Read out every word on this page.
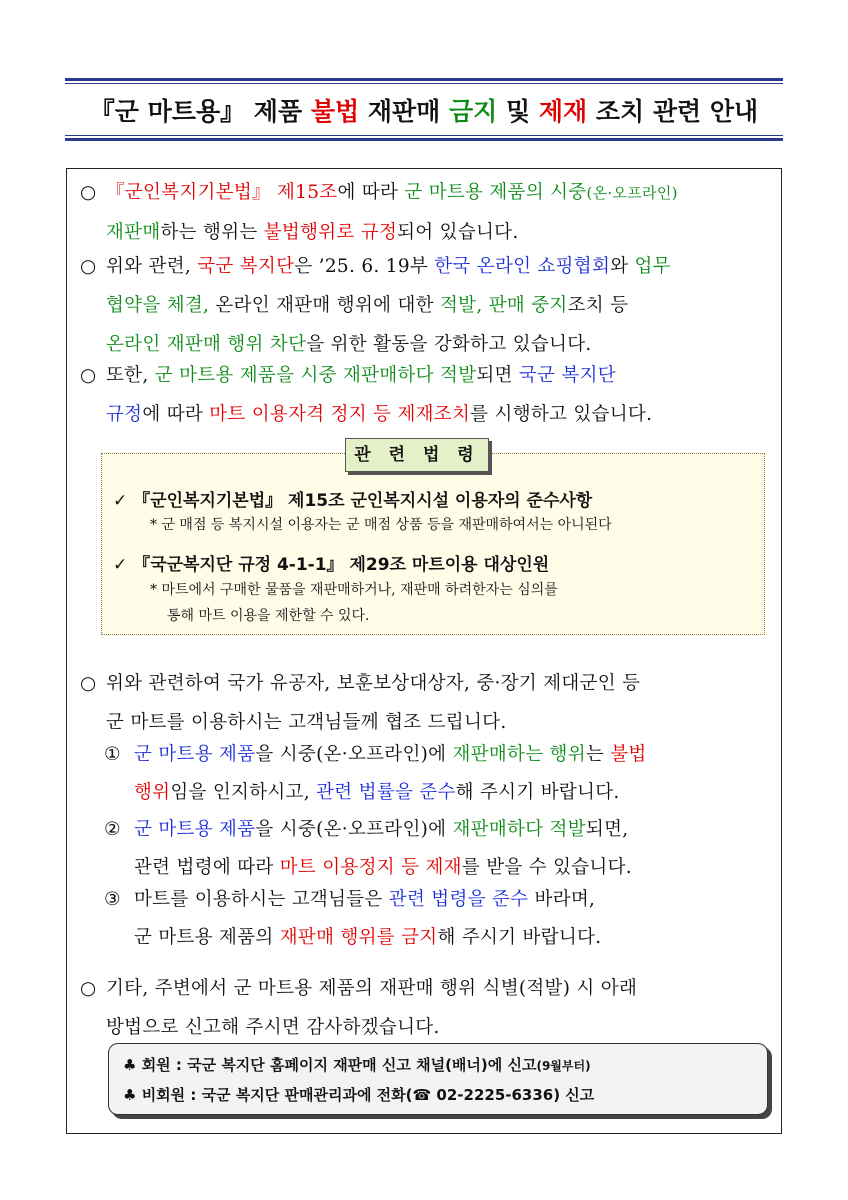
『군 마트용』 제품 불법 재판매 금지 및 제재 조치 관련 안내
○ 『군인복지기본법』 제15조에 따라 군 마트용 제품의 시중(온·오프라인)
재판매하는 행위는 불법행위로 규정되어 있습니다.
○ 위와 관련, 국군 복지단은 ’25. 6. 19부 한국 온라인 쇼핑협회와 업무
협약을 체결, 온라인 재판매 행위에 대한 적발, 판매 중지조치 등
온라인 재판매 행위 차단을 위한 활동을 강화하고 있습니다.
○ 또한, 군 마트용 제품을 시중 재판매하다 적발되면 국군 복지단
규정에 따라 마트 이용자격 정지 등 제재조치를 시행하고 있습니다.
관 련 법 령
✓ 『군인복지기본법』 제15조 군인복지시설 이용자의 준수사항
* 군 매점 등 복지시설 이용자는 군 매점 상품 등을 재판매하여서는 아니된다
✓ 『국군복지단 규정 4-1-1』 제29조 마트이용 대상인원
* 마트에서 구매한 물품을 재판매하거나, 재판매 하려한자는 심의를
통해 마트 이용을 제한할 수 있다.
○ 위와 관련하여 국가 유공자, 보훈보상대상자, 중·장기 제대군인 등
군 마트를 이용하시는 고객님들께 협조 드립니다.
① 군 마트용 제품을 시중(온·오프라인)에 재판매하는 행위는 불법
행위임을 인지하시고, 관련 법률을 준수해 주시기 바랍니다.
② 군 마트용 제품을 시중(온·오프라인)에 재판매하다 적발되면,
관련 법령에 따라 마트 이용정지 등 제재를 받을 수 있습니다.
③ 마트를 이용하시는 고객님들은 관련 법령을 준수 바라며,
군 마트용 제품의 재판매 행위를 금지해 주시기 바랍니다.
○ 기타, 주변에서 군 마트용 제품의 재판매 행위 식별(적발) 시 아래
방법으로 신고해 주시면 감사하겠습니다.
♣ 회원 : 국군 복지단 홈페이지 재판매 신고 채널(배너)에 신고(9월부터)
♣ 비회원 : 국군 복지단 판매관리과에 전화(☎ 02-2225-6336) 신고
